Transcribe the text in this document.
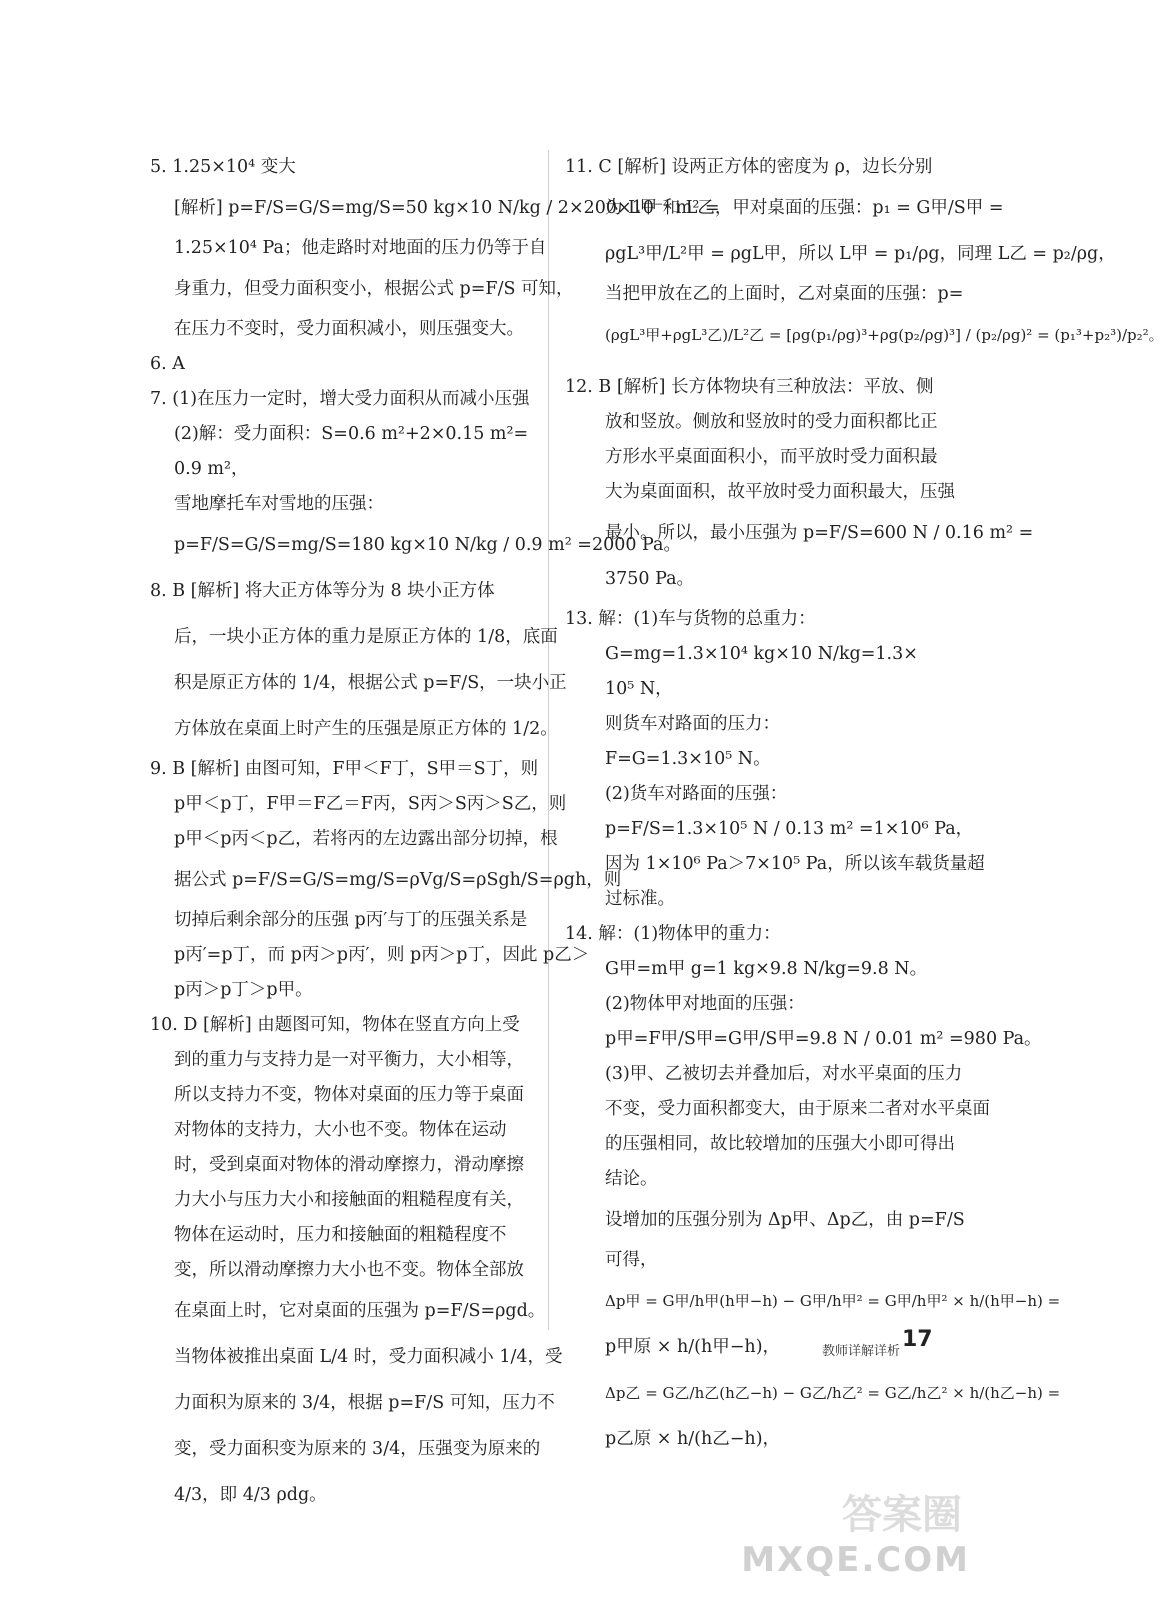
5. 1.25×10⁴ 变大
[解析] p=F/S=G/S=mg/S=50 kg×10 N/kg / 2×200×10⁻⁴ m² =
1.25×10⁴ Pa；他走路时对地面的压力仍等于自
身重力，但受力面积变小，根据公式 p=F/S 可知，
在压力不变时，受力面积减小，则压强变大。
6. A
7. (1)在压力一定时，增大受力面积从而减小压强
(2)解：受力面积：S=0.6 m²+2×0.15 m²=
0.9 m²，
雪地摩托车对雪地的压强：
p=F/S=G/S=mg/S=180 kg×10 N/kg / 0.9 m² =2000 Pa。
8. B [解析] 将大正方体等分为 8 块小正方体
后，一块小正方体的重力是原正方体的 1/8，底面
积是原正方体的 1/4，根据公式 p=F/S，一块小正
方体放在桌面上时产生的压强是原正方体的 1/2。
9. B [解析] 由图可知，F甲＜F丁，S甲＝S丁，则
p甲＜p丁，F甲＝F乙＝F丙，S丙＞S丙＞S乙，则
p甲＜p丙＜p乙，若将丙的左边露出部分切掉，根
据公式 p=F/S=G/S=mg/S=ρVg/S=ρSgh/S=ρgh，则
切掉后剩余部分的压强 p丙′与丁的压强关系是
p丙′=p丁，而 p丙＞p丙′，则 p丙＞p丁，因此 p乙＞
p丙＞p丁＞p甲。
10. D [解析] 由题图可知，物体在竖直方向上受
到的重力与支持力是一对平衡力，大小相等，
所以支持力不变，物体对桌面的压力等于桌面
对物体的支持力，大小也不变。物体在运动
时，受到桌面对物体的滑动摩擦力，滑动摩擦
力大小与压力大小和接触面的粗糙程度有关，
物体在运动时，压力和接触面的粗糙程度不
变，所以滑动摩擦力大小也不变。物体全部放
在桌面上时，它对桌面的压强为 p=F/S=ρgd。
当物体被推出桌面 L/4 时，受力面积减小 1/4，受
力面积为原来的 3/4，根据 p=F/S 可知，压力不
变，受力面积变为原来的 3/4，压强变为原来的
4/3，即 4/3 ρdg。
11. C [解析] 设两正方体的密度为 ρ，边长分别
为 L甲 和 L乙，甲对桌面的压强：p₁ = G甲/S甲 =
ρgL³甲/L²甲 = ρgL甲，所以 L甲 = p₁/ρg，同理 L乙 = p₂/ρg，
当把甲放在乙的上面时，乙对桌面的压强：p=
(ρgL³甲+ρgL³乙)/L²乙 = [ρg(p₁/ρg)³+ρg(p₂/ρg)³] / (p₂/ρg)² = (p₁³+p₂³)/p₂²。
12. B [解析] 长方体物块有三种放法：平放、侧
放和竖放。侧放和竖放时的受力面积都比正
方形水平桌面面积小，而平放时受力面积最
大为桌面面积，故平放时受力面积最大，压强
最小。所以，最小压强为 p=F/S=600 N / 0.16 m² =
3750 Pa。
13. 解：(1)车与货物的总重力：
G=mg=1.3×10⁴ kg×10 N/kg=1.3×
10⁵ N，
则货车对路面的压力：
F=G=1.3×10⁵ N。
(2)货车对路面的压强：
p=F/S=1.3×10⁵ N / 0.13 m² =1×10⁶ Pa，
因为 1×10⁶ Pa＞7×10⁵ Pa，所以该车载货量超
过标准。
14. 解：(1)物体甲的重力：
G甲=m甲 g=1 kg×9.8 N/kg=9.8 N。
(2)物体甲对地面的压强：
p甲=F甲/S甲=G甲/S甲=9.8 N / 0.01 m² =980 Pa。
(3)甲、乙被切去并叠加后，对水平桌面的压力
不变，受力面积都变大，由于原来二者对水平桌面
的压强相同，故比较增加的压强大小即可得出
结论。
设增加的压强分别为 Δp甲、Δp乙，由 p=F/S
可得，
Δp甲 = G甲/h甲(h甲−h) − G甲/h甲² = G甲/h甲² × h/(h甲−h) =
p甲原 × h/(h甲−h)，
Δp乙 = G乙/h乙(h乙−h) − G乙/h乙² = G乙/h乙² × h/(h乙−h) =
p乙原 × h/(h乙−h)，
教师详解详析 17
答案圈
MXQE.COM
